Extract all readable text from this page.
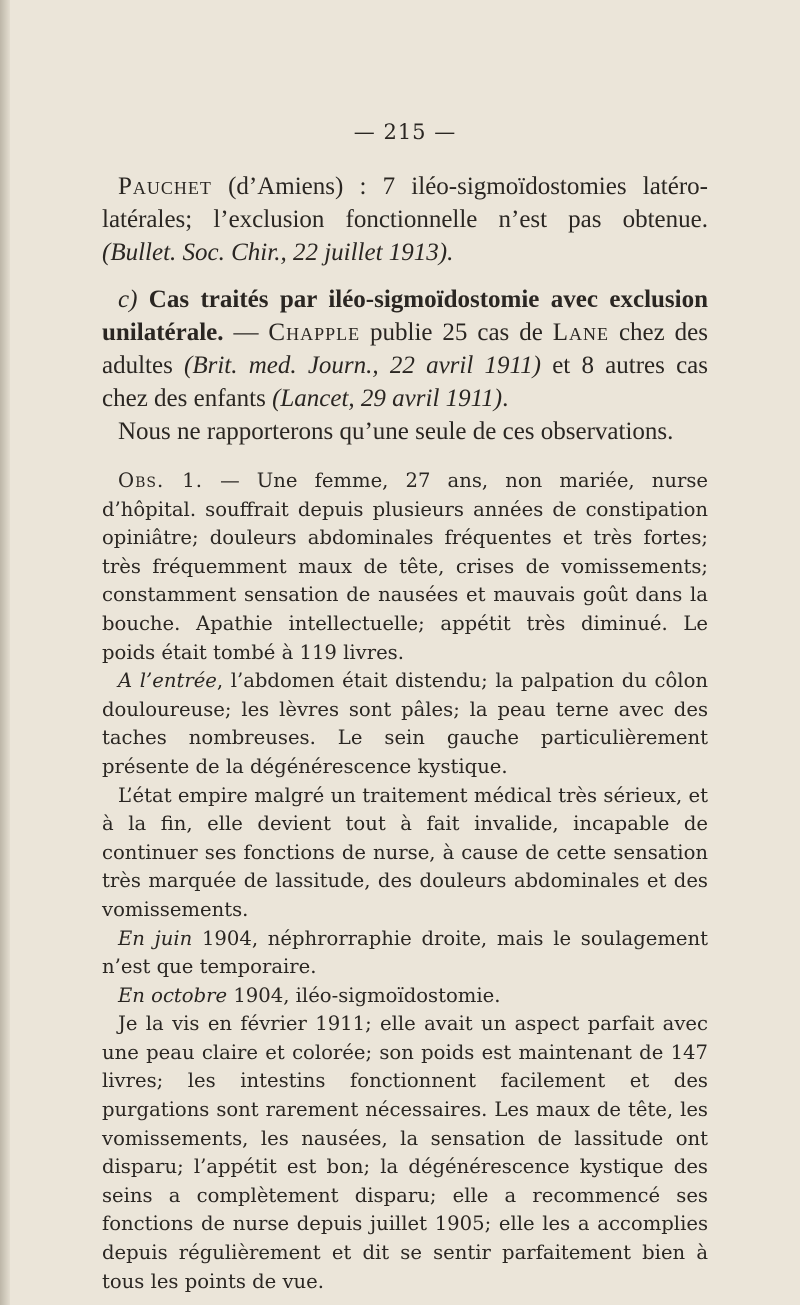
— 215 —

Pauchet (d’Amiens) : 7 iléo-sigmoïdostomies latéro-latérales; l’exclusion fonctionnelle n’est pas obtenue. (Bullet. Soc. Chir., 22 juillet 1913).

c) Cas traités par iléo-sigmoïdostomie avec exclusion unilatérale. — Chapple publie 25 cas de Lane chez des adultes (Brit. med. Journ., 22 avril 1911) et 8 autres cas chez des enfants (Lancet, 29 avril 1911).

Nous ne rapporterons qu’une seule de ces observations.

Obs. 1. — Une femme, 27 ans, non mariée, nurse d’hôpital. souffrait depuis plusieurs années de constipation opiniâtre; douleurs abdominales fréquentes et très fortes; très fréquemment maux de tête, crises de vomissements; constamment sensation de nausées et mauvais goût dans la bouche. Apathie intellectuelle; appétit très diminué. Le poids était tombé à 119 livres.

A l’entrée, l’abdomen était distendu; la palpation du côlon douloureuse; les lèvres sont pâles; la peau terne avec des taches nombreuses. Le sein gauche particulièrement présente de la dégénérescence kystique.

L’état empire malgré un traitement médical très sérieux, et à la fin, elle devient tout à fait invalide, incapable de continuer ses fonctions de nurse, à cause de cette sensation très marquée de lassitude, des douleurs abdominales et des vomissements.

En juin 1904, néphrorraphie droite, mais le soulagement n’est que temporaire.

En octobre 1904, iléo-sigmoïdostomie.

Je la vis en février 1911; elle avait un aspect parfait avec une peau claire et colorée; son poids est maintenant de 147 livres; les intestins fonctionnent facilement et des purgations sont rarement nécessaires. Les maux de tête, les vomissements, les nausées, la sensation de lassitude ont disparu; l’appétit est bon; la dégénérescence kystique des seins a complètement disparu; elle a recommencé ses fonctions de nurse depuis juillet 1905; elle les a accomplies depuis régulièrement et dit se sentir parfaitement bien à tous les points de vue.
